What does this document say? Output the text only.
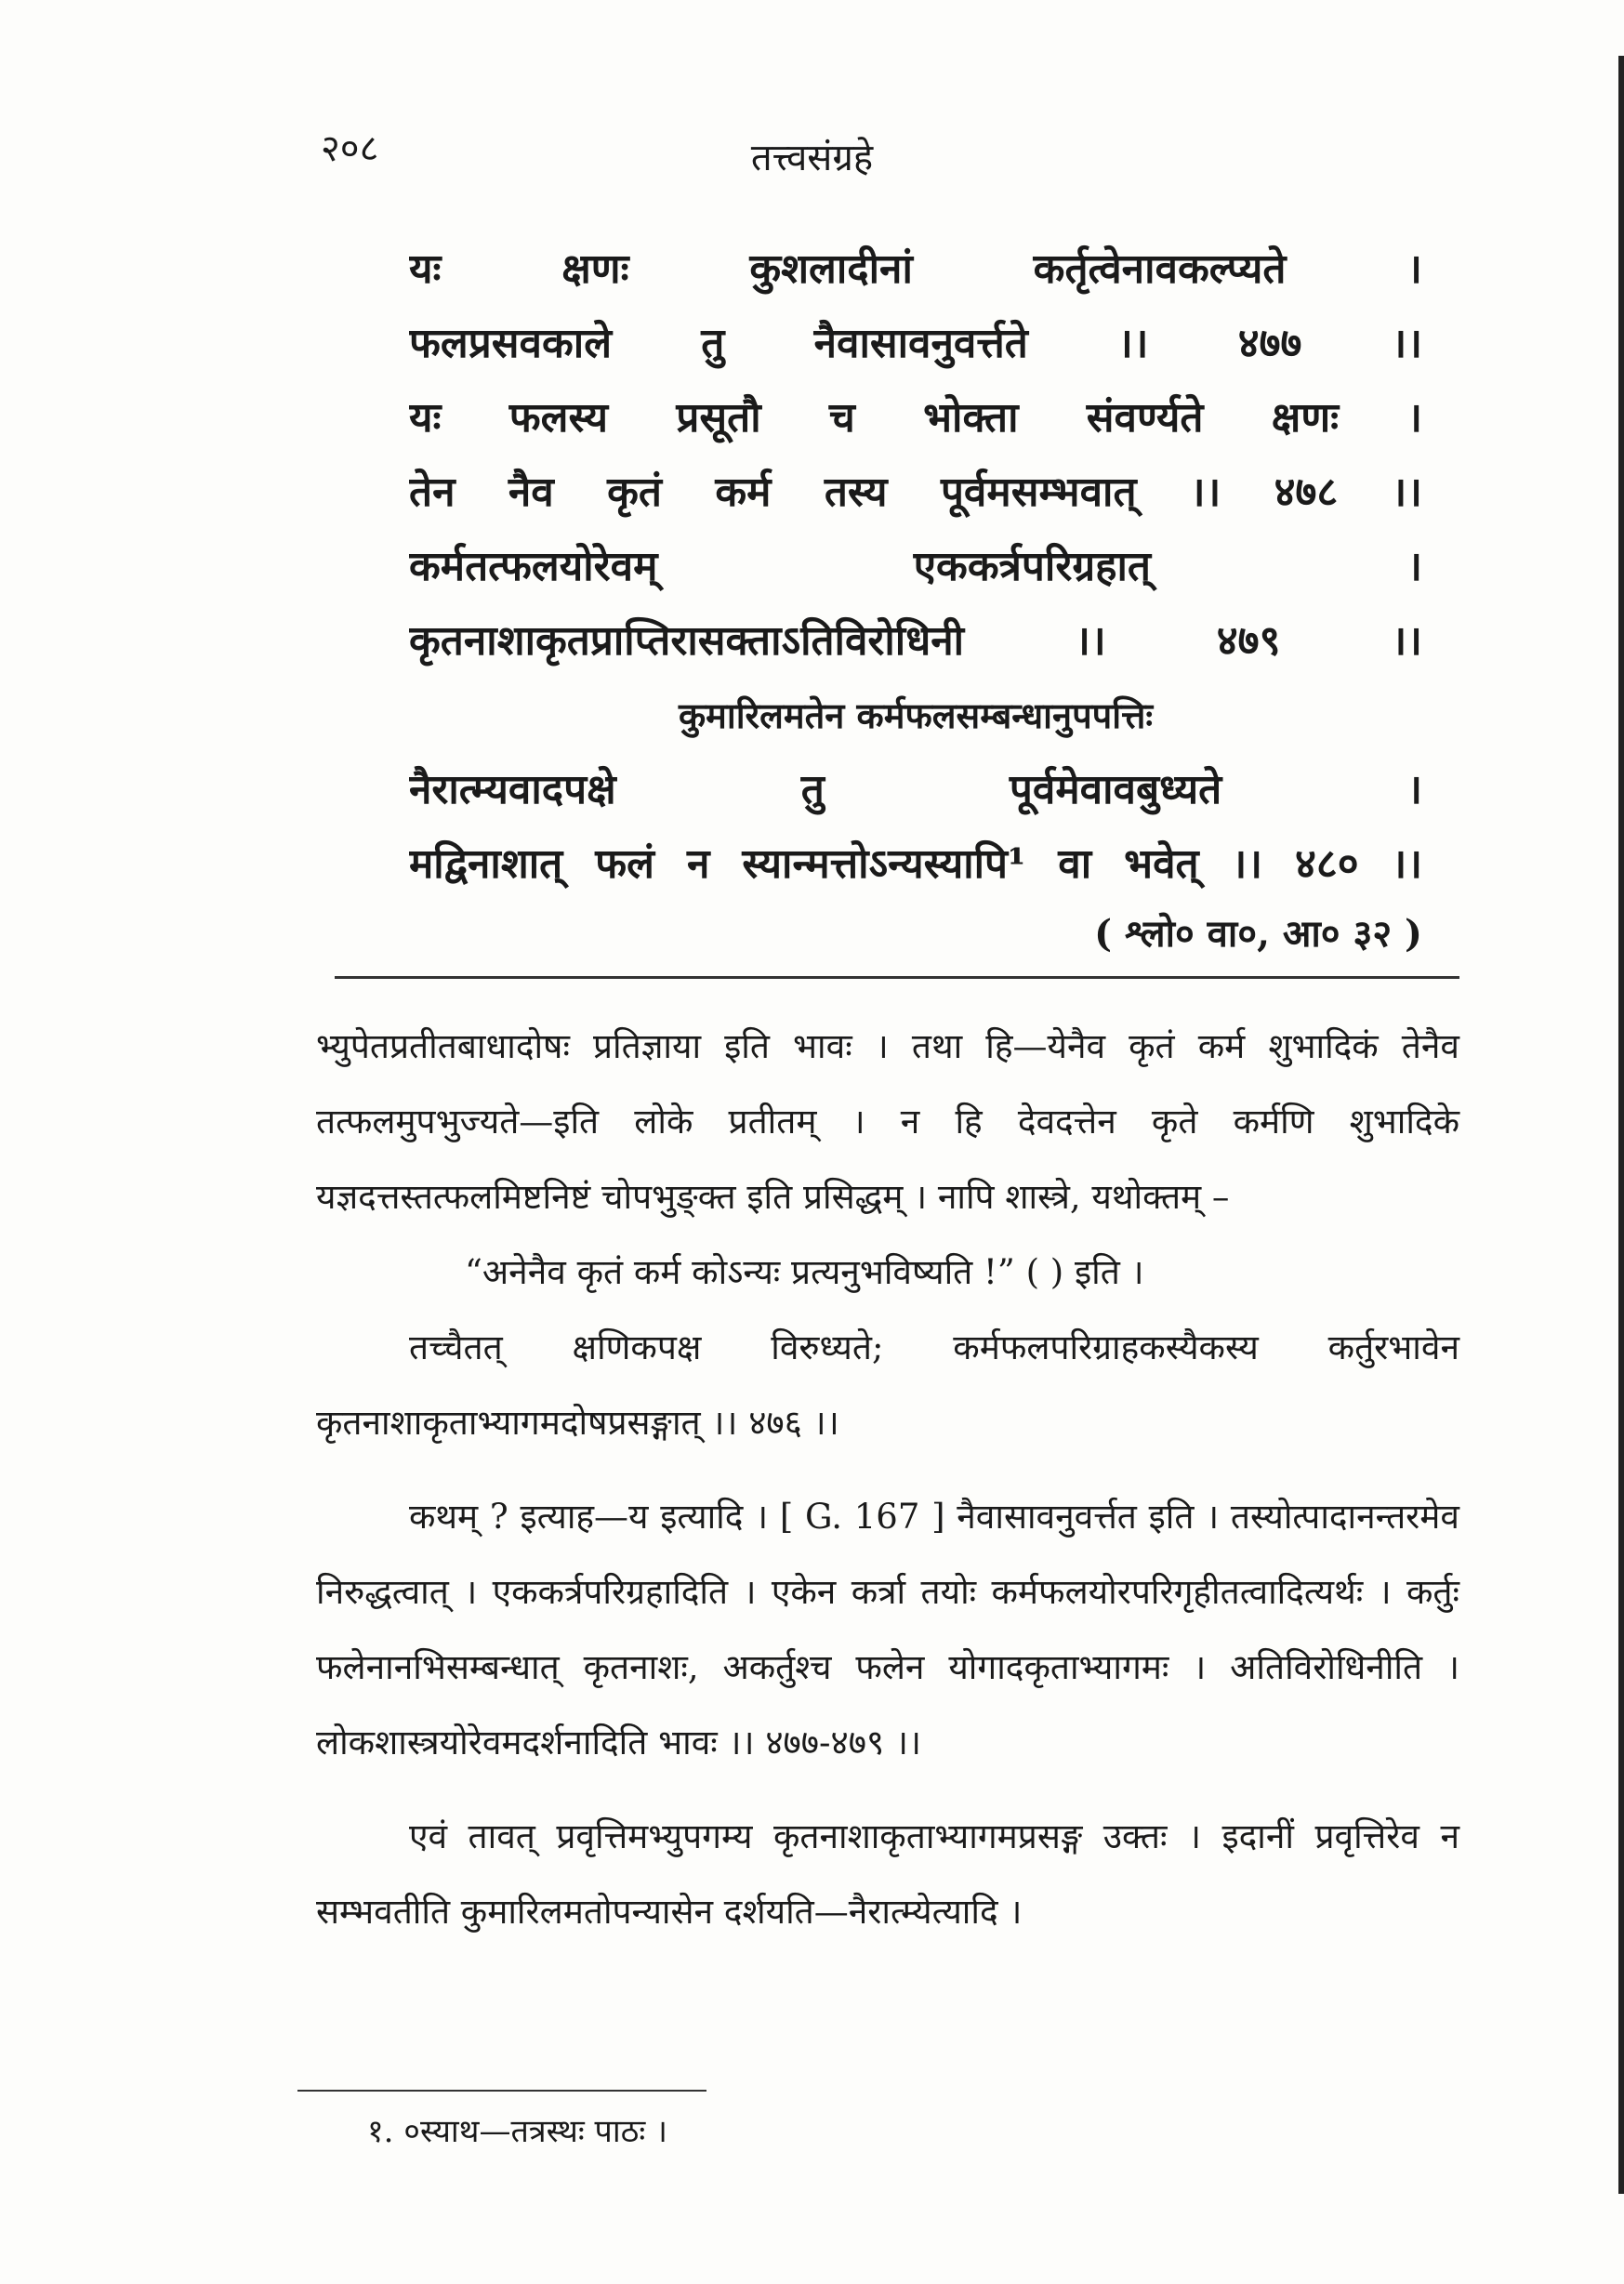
२०८	तत्त्वसंग्रहे
यः क्षणः कुशलादीनां कर्तृत्वेनावकल्प्यते ।
फलप्रसवकाले तु नैवासावनुवर्त्तते ।। ४७७ ।।
यः फलस्य प्रसूतौ च भोक्ता संवर्ण्यते क्षणः ।
तेन नैव कृतं कर्म तस्य पूर्वमसम्भवात् ।। ४७८ ।।
कर्मतत्फलयोरेवम् एककर्त्रपरिग्रहात् ।
कृतनाशाकृतप्राप्तिरासक्ताऽतिविरोधिनी ।। ४७९ ।।
कुमारिलमतेन कर्मफलसम्बन्धानुपपत्तिः
नैरात्म्यवादपक्षे तु पूर्वमेवावबुध्यते ।
मद्विनाशात् फलं न स्यान्मत्तोऽन्यस्यापि¹ वा भवेत् ।। ४८० ।।
( श्लो० वा०, आ० ३२ )

भ्युपेतप्रतीतबाधादोषः प्रतिज्ञाया इति भावः । तथा हि—येनैव कृतं कर्म शुभादिकं तेनैव तत्फलमुपभुज्यते—इति लोके प्रतीतम् । न हि देवदत्तेन कृते कर्मणि शुभादिके यज्ञदत्तस्तत्फलमिष्टनिष्टं चोपभुङ्क्त इति प्रसिद्धम् । नापि शास्त्रे, यथोक्तम् –

“अनेनैव कृतं कर्म कोऽन्यः प्रत्यनुभविष्यति !” ( ) इति ।

तच्चैतत् क्षणिकपक्ष विरुध्यते; कर्मफलपरिग्राहकस्यैकस्य कर्तुरभावेन कृतनाशाकृताभ्यागमदोषप्रसङ्गात् ।। ४७६ ।।

कथम् ? इत्याह—य इत्यादि । [ G. 167 ] नैवासावनुवर्त्तत इति । तस्योत्पादानन्तरमेव निरुद्धत्वात् । एककर्त्रपरिग्रहादिति । एकेन कर्त्रा तयोः कर्मफलयोरपरिगृहीतत्वादित्यर्थः । कर्तुः फलेनानभिसम्बन्धात् कृतनाशः, अकर्तुश्च फलेन योगादकृताभ्यागमः । अतिविरोधिनीति । लोकशास्त्रयोरेवमदर्शनादिति भावः ।। ४७७-४७९ ।।

एवं तावत् प्रवृत्तिमभ्युपगम्य कृतनाशाकृताभ्यागमप्रसङ्ग उक्तः । इदानीं प्रवृत्तिरेव न सम्भवतीति कुमारिलमतोपन्यासेन दर्शयति—नैरात्म्येत्यादि ।

१. ०स्याथ—तत्रस्थः पाठः ।
